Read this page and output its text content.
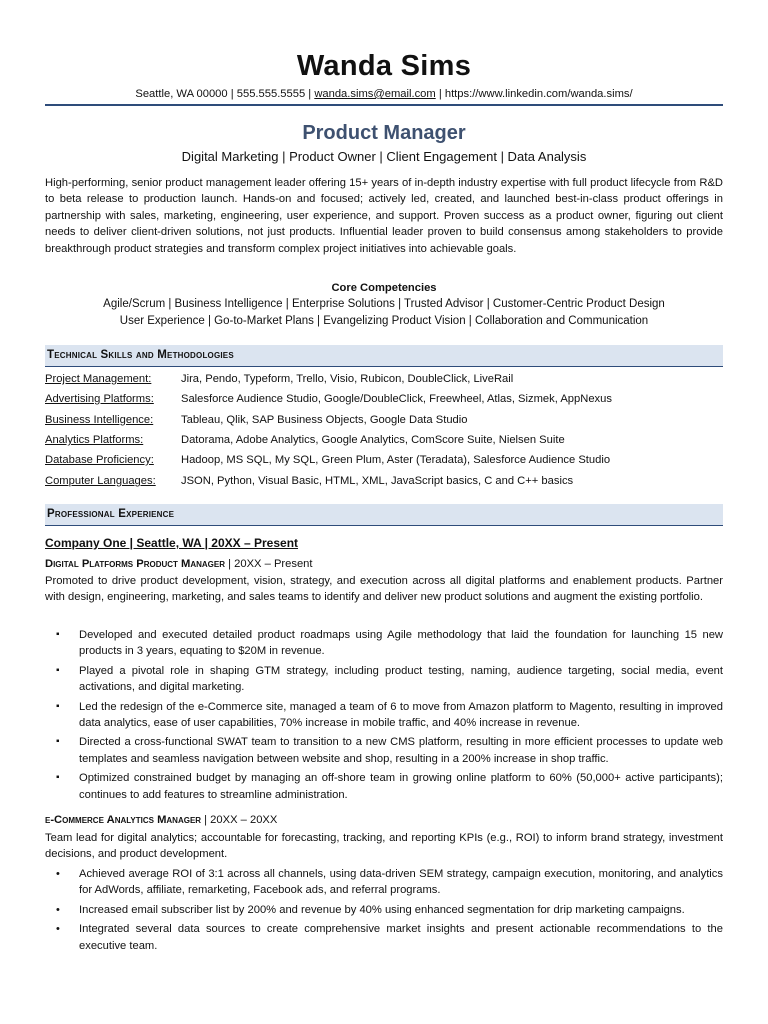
Wanda Sims
Seattle, WA 00000 | 555.555.5555 | wanda.sims@email.com | https://www.linkedin.com/wanda.sims/
Product Manager
Digital Marketing | Product Owner | Client Engagement | Data Analysis
High-performing, senior product management leader offering 15+ years of in-depth industry expertise with full product lifecycle from R&D to beta release to production launch. Hands-on and focused; actively led, created, and launched best-in-class product offerings in partnership with sales, marketing, engineering, user experience, and support. Proven success as a product owner, figuring out client needs to deliver client-driven solutions, not just products. Influential leader proven to build consensus among stakeholders to provide breakthrough product strategies and transform complex project initiatives into achievable goals.
Core Competencies
Agile/Scrum | Business Intelligence | Enterprise Solutions | Trusted Advisor | Customer-Centric Product Design
User Experience | Go-to-Market Plans | Evangelizing Product Vision | Collaboration and Communication
Technical Skills and Methodologies
Project Management:	Jira, Pendo, Typeform, Trello, Visio, Rubicon, DoubleClick, LiveRail
Advertising Platforms: Salesforce Audience Studio, Google/DoubleClick, Freewheel, Atlas, Sizmek, AppNexus
Business Intelligence: Tableau, Qlik, SAP Business Objects, Google Data Studio
Analytics Platforms:	Datorama, Adobe Analytics, Google Analytics, ComScore Suite, Nielsen Suite
Database Proficiency: Hadoop, MS SQL, My SQL, Green Plum, Aster (Teradata), Salesforce Audience Studio
Computer Languages: JSON, Python, Visual Basic, HTML, XML, JavaScript basics, C and C++ basics
Professional Experience
Company One | Seattle, WA | 20XX – Present
Digital Platforms Product Manager | 20XX – Present
Promoted to drive product development, vision, strategy, and execution across all digital platforms and enablement products. Partner with design, engineering, marketing, and sales teams to identify and deliver new product solutions and augment the existing portfolio.
▪ Developed and executed detailed product roadmaps using Agile methodology that laid the foundation for launching 15 new products in 3 years, equating to $20M in revenue.
▪ Played a pivotal role in shaping GTM strategy, including product testing, naming, audience targeting, social media, event activations, and digital marketing.
▪ Led the redesign of the e-Commerce site, managed a team of 6 to move from Amazon platform to Magento, resulting in improved data analytics, ease of user capabilities, 70% increase in mobile traffic, and 40% increase in revenue.
▪ Directed a cross-functional SWAT team to transition to a new CMS platform, resulting in more efficient processes to update web templates and seamless navigation between website and shop, resulting in a 200% increase in shop traffic.
▪ Optimized constrained budget by managing an off-shore team in growing online platform to 60% (50,000+ active participants); continues to add features to streamline administration.
e-Commerce Analytics Manager | 20XX – 20XX
Team lead for digital analytics; accountable for forecasting, tracking, and reporting KPIs (e.g., ROI) to inform brand strategy, investment decisions, and product development.
• Achieved average ROI of 3:1 across all channels, using data-driven SEM strategy, campaign execution, monitoring, and analytics for AdWords, affiliate, remarketing, Facebook ads, and referral programs.
• Increased email subscriber list by 200% and revenue by 40% using enhanced segmentation for drip marketing campaigns.
• Integrated several data sources to create comprehensive market insights and present actionable recommendations to the executive team.
